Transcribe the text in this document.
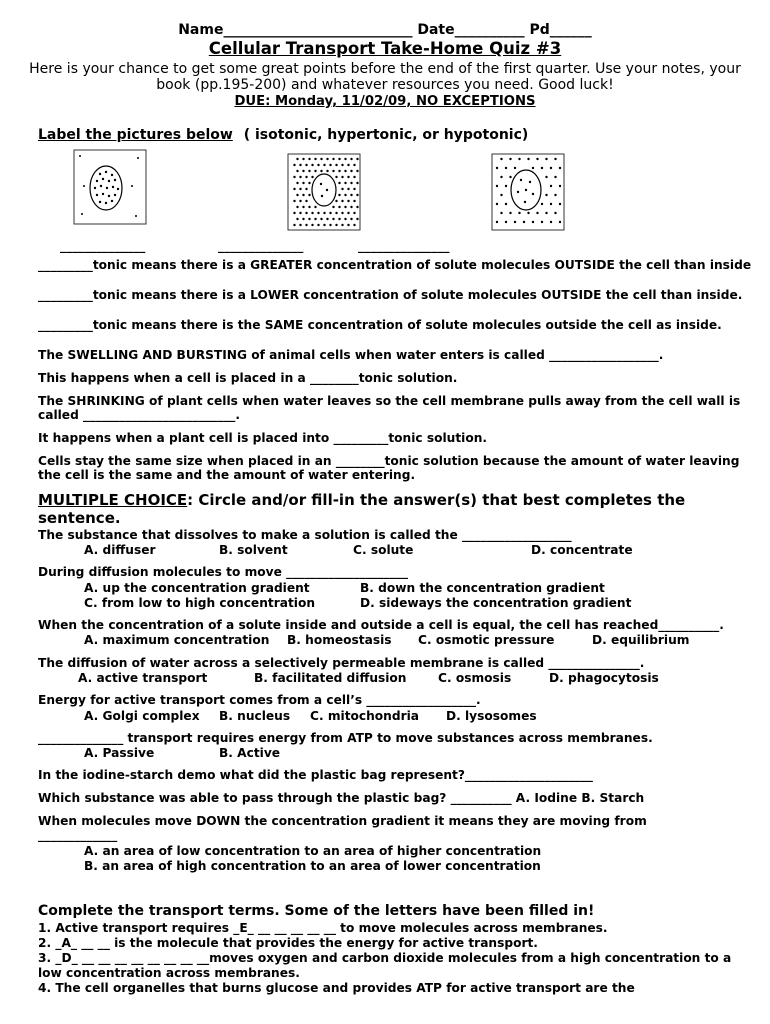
Name___________________________ Date__________ Pd______
Cellular Transport Take-Home Quiz #3
Here is your chance to get some great points before the end of the first quarter. Use your notes, your
book (pp.195-200) and whatever resources you need. Good luck!
DUE: Monday, 11/02/09, NO EXCEPTIONS
Label the pictures below ( isotonic, hypertonic, or hypotonic)
______________	______________	_______________
_________tonic means there is a GREATER concentration of solute molecules OUTSIDE the cell than inside
_________tonic means there is a LOWER concentration of solute molecules OUTSIDE the cell than inside.
_________tonic means there is the SAME concentration of solute molecules outside the cell as inside.
The SWELLING AND BURSTING of animal cells when water enters is called __________________.
This happens when a cell is placed in a ________tonic solution.
The SHRINKING of plant cells when water leaves so the cell membrane pulls away from the cell wall is called _________________________.
It happens when a plant cell is placed into _________tonic solution.
Cells stay the same size when placed in an ________tonic solution because the amount of water leaving the cell is the same and the amount of water entering.
MULTIPLE CHOICE: Circle and/or fill-in the answer(s) that best completes the
sentence.
The substance that dissolves to make a solution is called the __________________
A. diffuser	B. solvent	C. solute	D. concentrate
During diffusion molecules to move ____________________
A. up the concentration gradient	B. down the concentration gradient
C. from low to high concentration	D. sideways the concentration gradient
When the concentration of a solute inside and outside a cell is equal, the cell has reached__________.
A. maximum concentration B. homeostasis C. osmotic pressure	D. equilibrium
The diffusion of water across a selectively permeable membrane is called _______________.
A. active transport	B. facilitated diffusion	C. osmosis	D. phagocytosis
Energy for active transport comes from a cell’s __________________.
A. Golgi complex B. nucleus C. mitochondria D. lysosomes
______________ transport requires energy from ATP to move substances across membranes.
A. Passive	B. Active
In the iodine-starch demo what did the plastic bag represent?_____________________
Which substance was able to pass through the plastic bag? __________ A. Iodine B. Starch
When molecules move DOWN the concentration gradient it means they are moving from
_____________
A. an area of low concentration to an area of higher concentration
B. an area of high concentration to an area of lower concentration
Complete the transport terms. Some of the letters have been filled in!
1. Active transport requires _E_ __ __ __ __ __ to move molecules across membranes.
2. _A_ __ __ is the molecule that provides the energy for active transport.
3. _D_ __ __ __ __ __ __ __ __moves oxygen and carbon dioxide molecules from a high concentration to a
low concentration across membranes.
4. The cell organelles that burns glucose and provides ATP for active transport are the
